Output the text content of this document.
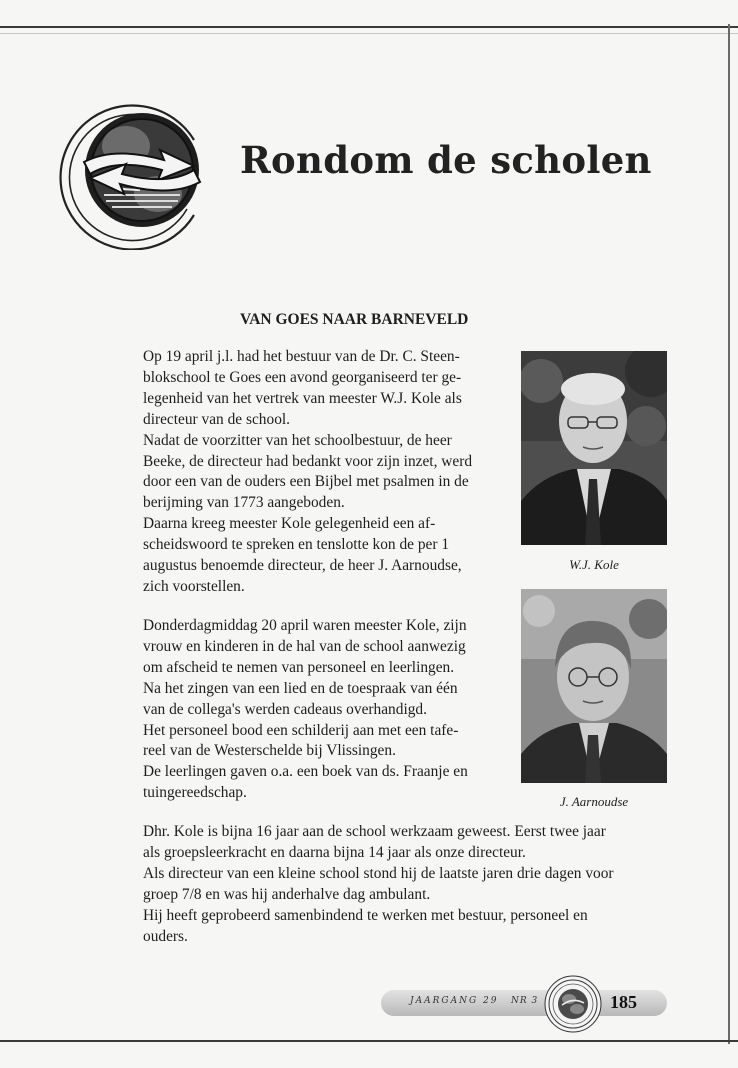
Rondom de scholen
VAN GOES NAAR BARNEVELD

Op 19 april j.l. had het bestuur van de Dr. C. Steen-

blokschool te Goes een avond georganiseerd ter ge-

legenheid van het vertrek van meester W.J. Kole als

directeur van de school.

Nadat de voorzitter van het schoolbestuur, de heer

Beeke, de directeur had bedankt voor zijn inzet, werd

door een van de ouders een Bijbel met psalmen in de

berijming van 1773 aangeboden.

Daarna kreeg meester Kole gelegenheid een af-

scheidswoord te spreken en tenslotte kon de per 1

augustus benoemde directeur, de heer J. Aarnoudse,

zich voorstellen.

Donderdagmiddag 20 april waren meester Kole, zijn

vrouw en kinderen in de hal van de school aanwezig

om afscheid te nemen van personeel en leerlingen.

Na het zingen van een lied en de toespraak van één

van de collega's werden cadeaus overhandigd.

Het personeel bood een schilderij aan met een tafe-

reel van de Westerschelde bij Vlissingen.

De leerlingen gaven o.a. een boek van ds. Fraanje en

tuingereedschap.

Dhr. Kole is bijna 16 jaar aan de school werkzaam geweest. Eerst twee jaar

als groepsleerkracht en daarna bijna 14 jaar als onze directeur.

Als directeur van een kleine school stond hij de laatste jaren drie dagen voor

groep 7/8 en was hij anderhalve dag ambulant.

Hij heeft geprobeerd samenbindend te werken met bestuur, personeel en

ouders.

W.J. Kole
J. Aarnoudse
JAARGANG 29 NR 3	185
